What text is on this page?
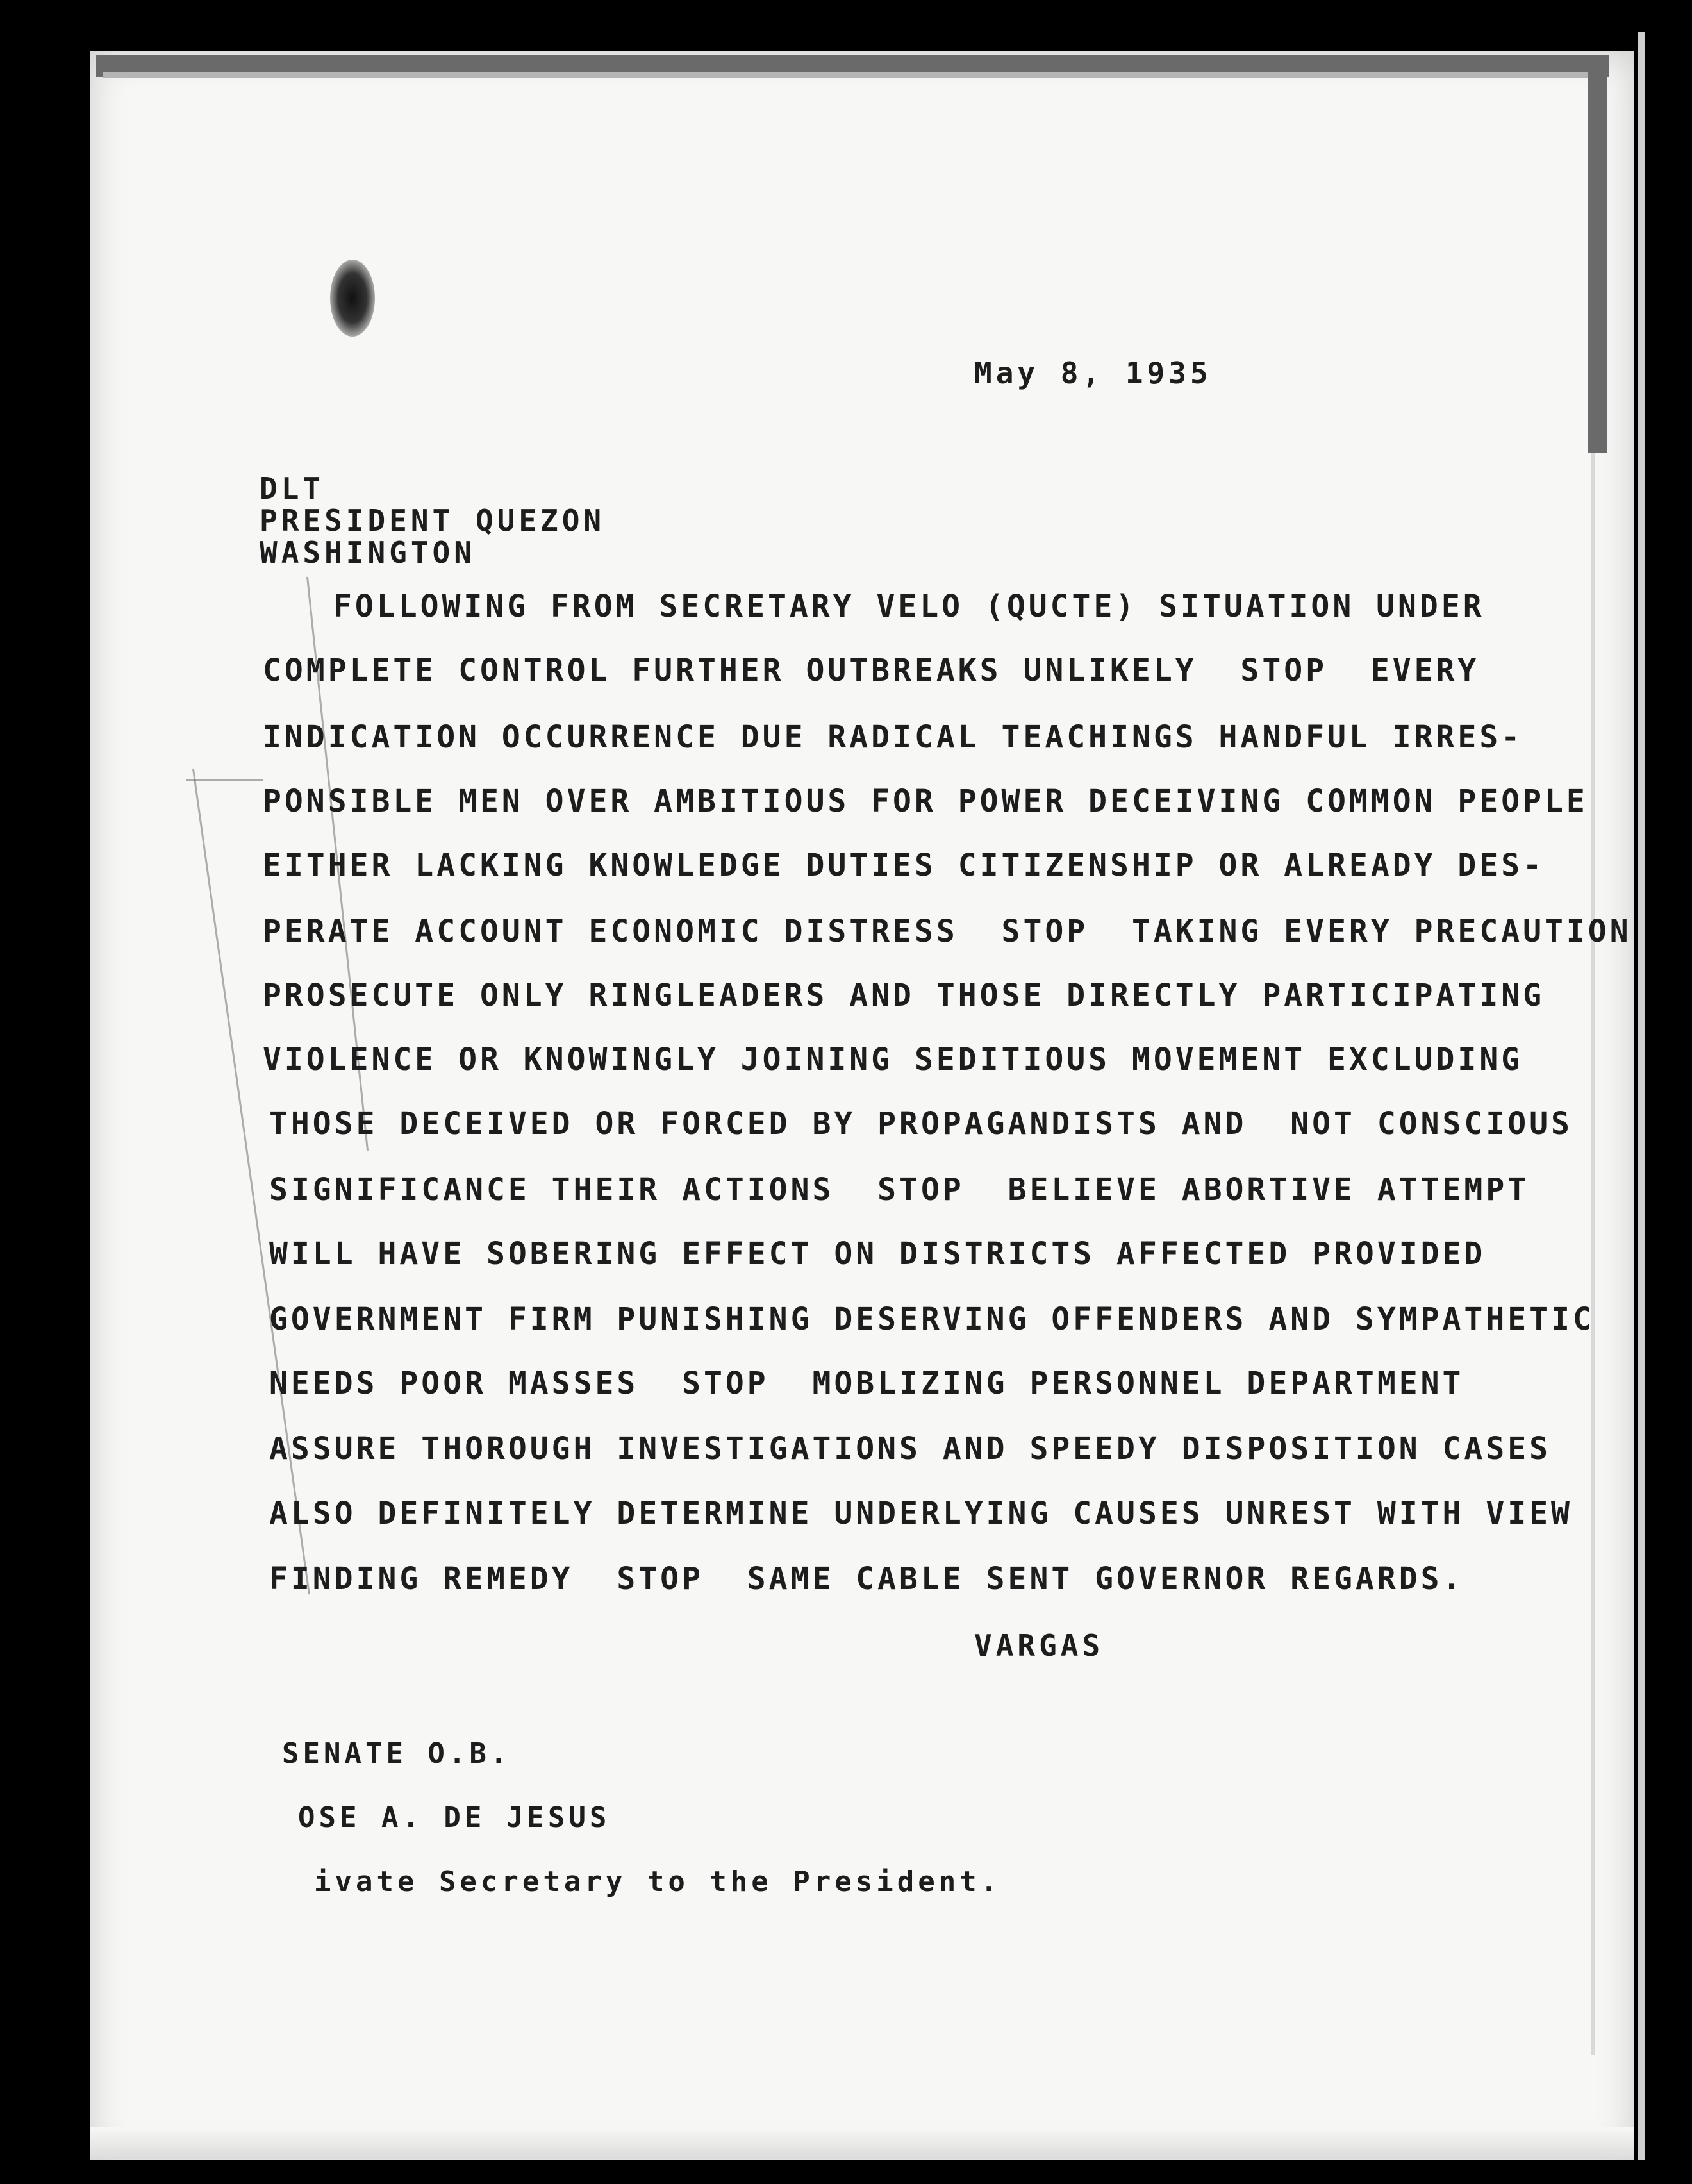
May 8, 1935
DLT
PRESIDENT QUEZON
WASHINGTON
FOLLOWING FROM SECRETARY VELO (QUCTE) SITUATION UNDER
COMPLETE CONTROL FURTHER OUTBREAKS UNLIKELY  STOP  EVERY
INDICATION OCCURRENCE DUE RADICAL TEACHINGS HANDFUL IRRES-
PONSIBLE MEN OVER AMBITIOUS FOR POWER DECEIVING COMMON PEOPLE
EITHER LACKING KNOWLEDGE DUTIES CITIZENSHIP OR ALREADY DES-
PERATE ACCOUNT ECONOMIC DISTRESS  STOP  TAKING EVERY PRECAUTION
PROSECUTE ONLY RINGLEADERS AND THOSE DIRECTLY PARTICIPATING
VIOLENCE OR KNOWINGLY JOINING SEDITIOUS MOVEMENT EXCLUDING
THOSE DECEIVED OR FORCED BY PROPAGANDISTS AND  NOT CONSCIOUS
SIGNIFICANCE THEIR ACTIONS  STOP  BELIEVE ABORTIVE ATTEMPT
WILL HAVE SOBERING EFFECT ON DISTRICTS AFFECTED PROVIDED
GOVERNMENT FIRM PUNISHING DESERVING OFFENDERS AND SYMPATHETIC
NEEDS POOR MASSES  STOP  MOBLIZING PERSONNEL DEPARTMENT
ASSURE THOROUGH INVESTIGATIONS AND SPEEDY DISPOSITION CASES
ALSO DEFINITELY DETERMINE UNDERLYING CAUSES UNREST WITH VIEW
FINDING REMEDY  STOP  SAME CABLE SENT GOVERNOR REGARDS.
VARGAS
SENATE O.B.
OSE A. DE JESUS
ivate Secretary to the President.
